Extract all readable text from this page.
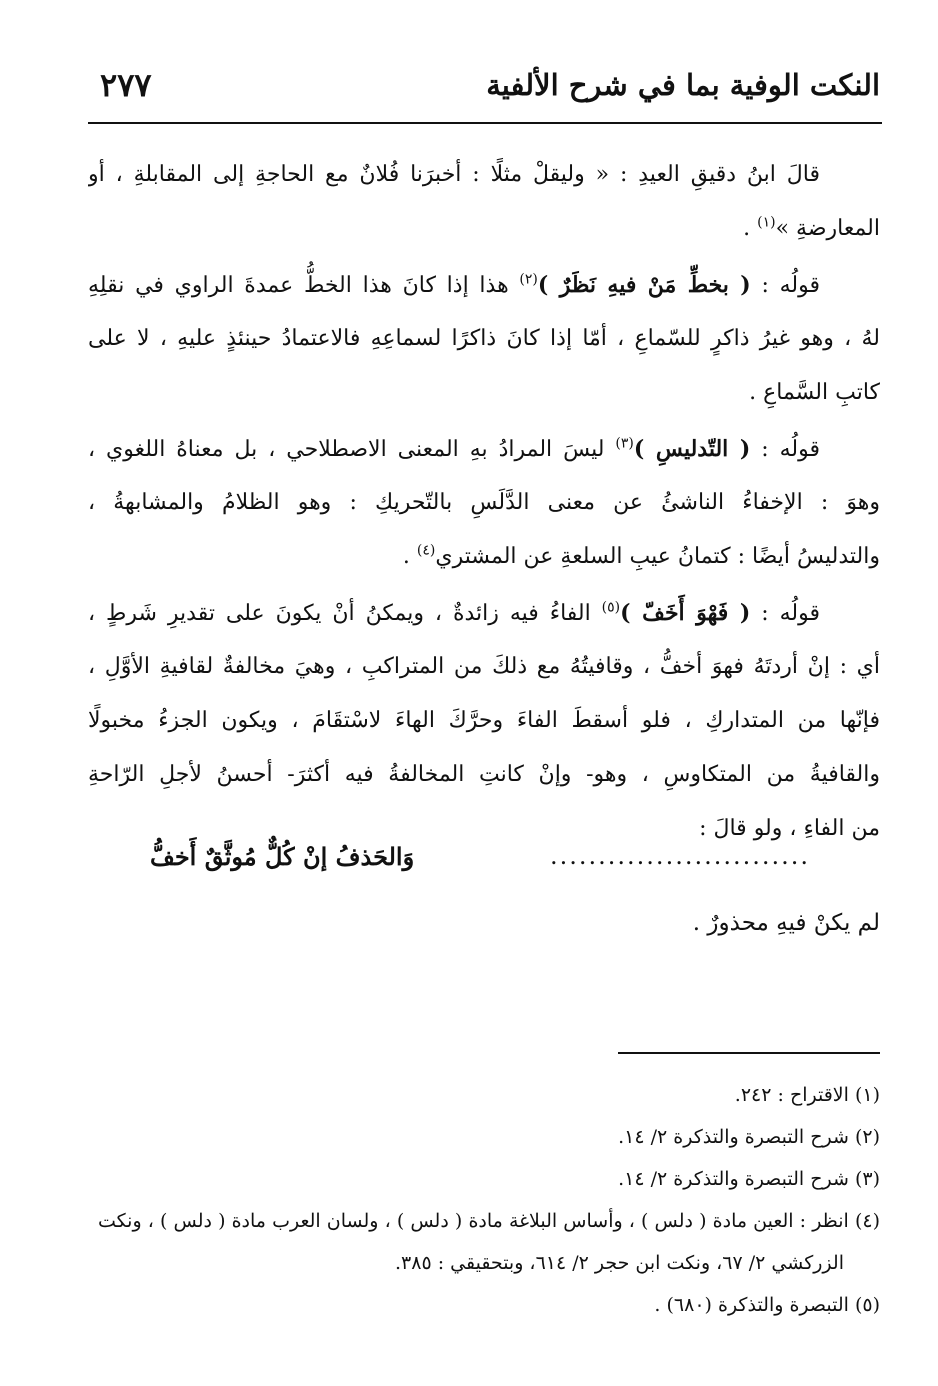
٢٧٧	النكت الوفية بما في شرح الألفية
قالَ ابنُ دقيقِ العيدِ : « وليقلْ مثلًا : أخبرَنا فُلانٌ مع الحاجةِ إلى المقابلةِ ، أو
المعارضةِ »$^{(١)}$ .
قولُه : ( بخطِّ مَنْ فيهِ نَظَرٌ )$^{(٢)}$ هذا إذا كانَ هذا الخطُّ عمدةَ الراوي في نقلِهِ
لهُ ، وهو غيرُ ذاكرٍ للسّماعِ ، أمّا إذا كانَ ذاكرًا لسماعِهِ فالاعتمادُ حينئذٍ عليهِ ، لا على
كاتبِ السَّماعِ .
قولُه : ( التّدليسِ )$^{(٣)}$ ليسَ المرادُ بهِ المعنى الاصطلاحي ، بل معناهُ اللغوي ،
وهوَ : الإخفاءُ الناشئُ عن معنى الدَّلَسِ بالتّحريكِ : وهو الظلامُ والمشابهةُ ،
والتدليسُ أيضًا : كتمانُ عيبِ السلعةِ عن المشتري$^{(٤)}$ .
قولُه : ( فَهْوَ أَخَفّ )$^{(٥)}$ الفاءُ فيه زائدةٌ ، ويمكنُ أنْ يكونَ على تقديرِ شَرطٍ ،
أي : إنْ أردتَهُ فهوَ أخفُّ ، وقافيتُهُ مع ذلكَ من المتراكبِ ، وهيَ مخالفةٌ لقافيةِ الأوَّلِ ،
فإنّها من المتداركِ ، فلو أسقطَ الفاءَ وحرَّكَ الهاءَ لاسْتقَامَ ، ويكون الجزءُ مخبولًا
والقافيةُ من المتكاوسِ ، وهو- وإنْ كانتِ المخالفةُ فيه أكثرَ- أحسنُ لأجلِ الرّاحةِ
من الفاءِ ، ولو قالَ :
...........................
وَالحَذفُ إنْ كُلٌّ مُوثَّقٌ أَخفُّ
لم يكنْ فيهِ محذورٌ .
(١) الاقتراح : ٢٤٢.
(٢) شرح التبصرة والتذكرة ٢/ ١٤.
(٣) شرح التبصرة والتذكرة ٢/ ١٤.
(٤) انظر : العين مادة ( دلس ) ، وأساس البلاغة مادة ( دلس ) ، ولسان العرب مادة ( دلس ) ، ونكت
الزركشي ٢/ ٦٧، ونكت ابن حجر ٢/ ٦١٤، وبتحقيقي : ٣٨٥.
(٥) التبصرة والتذكرة (٦٨٠) .
